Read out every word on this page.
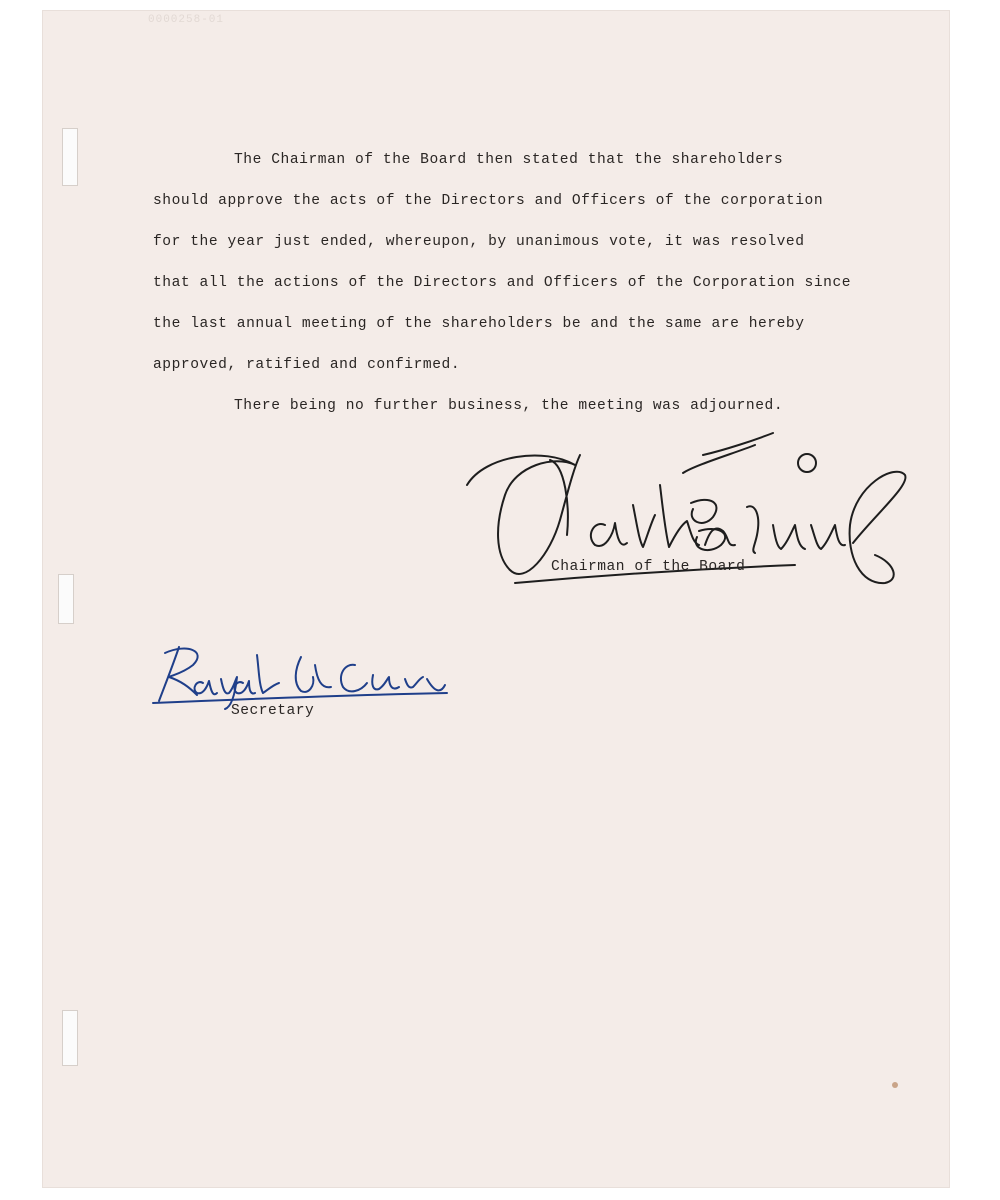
0000258-01
The Chairman of the Board then stated that the shareholders
should approve the acts of the Directors and Officers of the corporation
for the year just ended, whereupon, by unanimous vote, it was resolved
that all the actions of the Directors and Officers of the Corporation since
the last annual meeting of the shareholders be and the same are hereby
approved, ratified and confirmed.
There being no further business, the meeting was adjourned.
Chairman of the Board
Secretary
